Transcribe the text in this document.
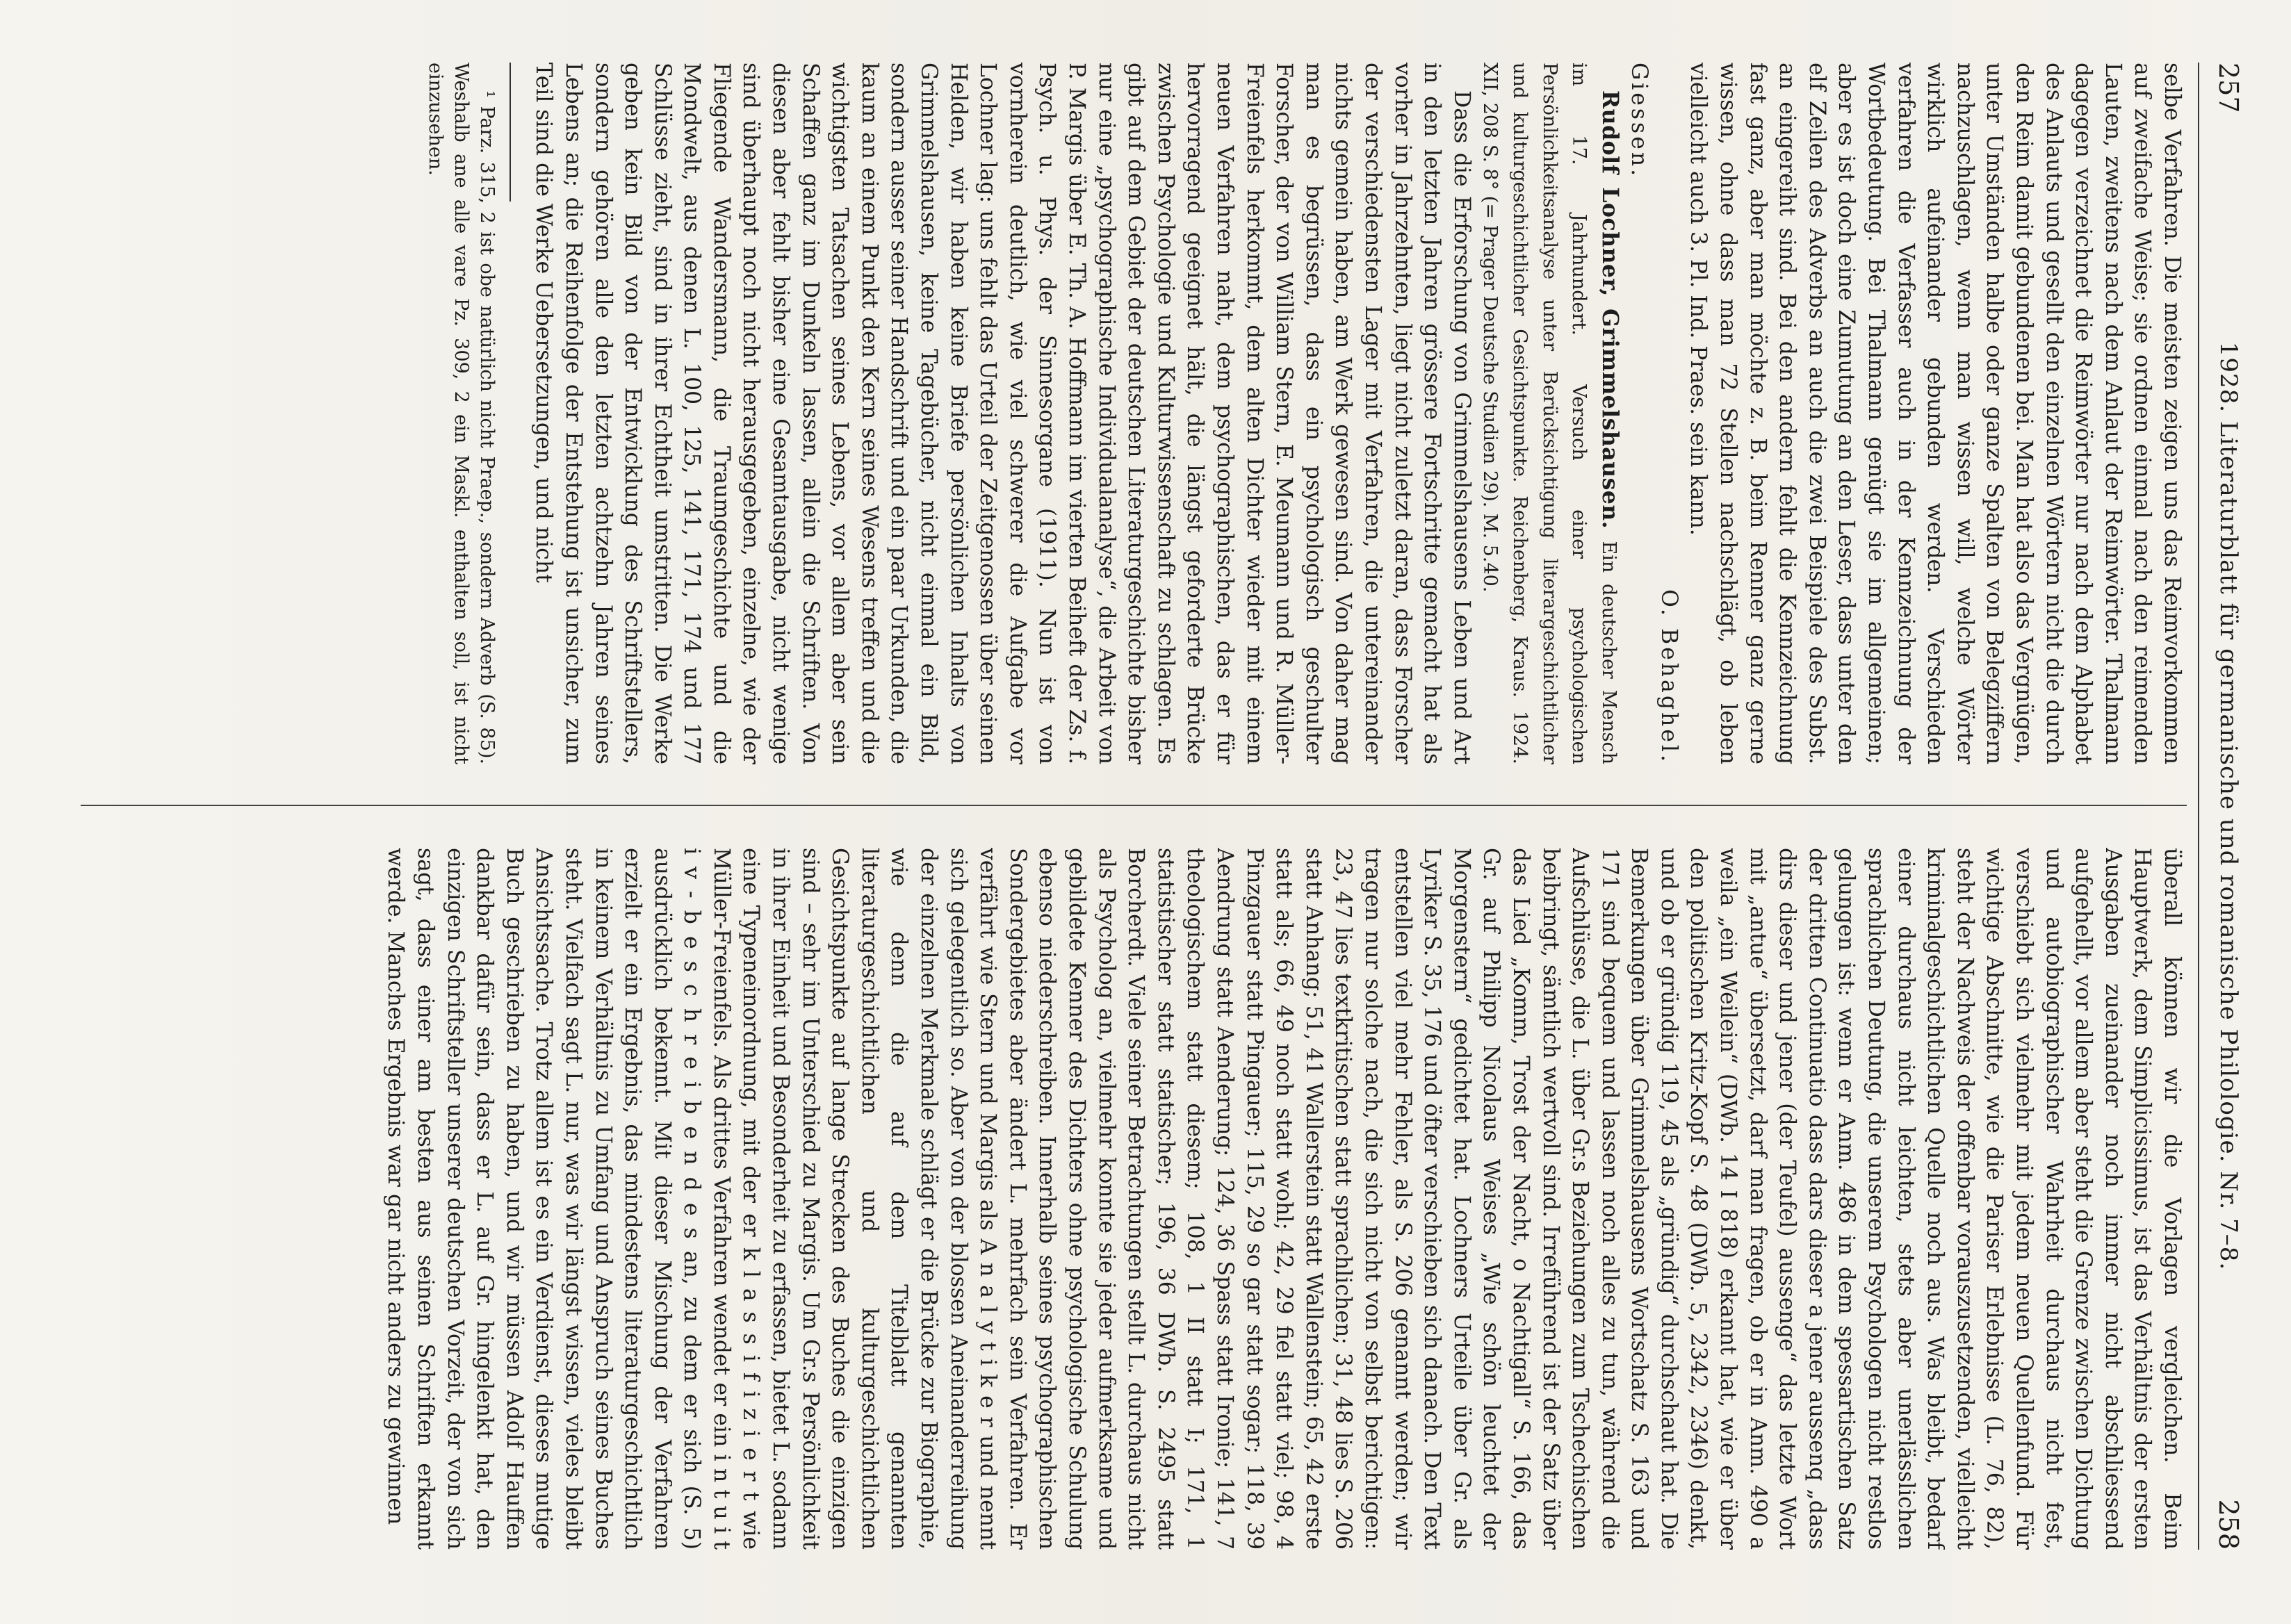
257
1928. Literaturblatt für germanische und romanische Philologie. Nr. 7–8.
258

selbe Verfahren. Die meisten zeigen uns das Reimvorkommen auf zweifache Weise; sie ordnen einmal nach den reimenden Lauten, zweitens nach dem Anlaut der Reimwörter. Thalmann dagegen verzeichnet die Reimwörter nur nach dem Alphabet des Anlauts und gesellt den einzelnen Wörtern nicht die durch den Reim damit gebundenen bei. Man hat also das Vergnügen, unter Umständen halbe oder ganze Spalten von Belegziffern nachzuschlagen, wenn man wissen will, welche Wörter wirklich aufeinander gebunden werden. Verschieden verfahren die Verfasser auch in der Kennzeichnung der Wortbedeutung. Bei Thalmann genügt sie im allgemeinen; aber es ist doch eine Zumutung an den Leser, dass unter den elf Zeilen des Adverbs an auch die zwei Beispiele des Subst. an eingereiht sind. Bei den andern fehlt die Kennzeichnung fast ganz, aber man möchte z. B. beim Renner ganz gerne wissen, ohne dass man 72 Stellen nachschlägt, ob leben vielleicht auch 3. Pl. Ind. Praes. sein kann.

O. Behaghel.

Giessen.

Rudolf Lochner, Grimmelshausen. Ein deutscher Mensch im 17. Jahrhundert. Versuch einer psychologischen Persönlichkeitsanalyse unter Berücksichtigung literargeschichtlicher und kulturgeschichtlicher Gesichtspunkte. Reichenberg, Kraus. 1924. XII, 208 S. 8° (= Prager Deutsche Studien 29). M. 5.40.

Dass die Erforschung von Grimmelshausens Leben und Art in den letzten Jahren grössere Fortschritte gemacht hat als vorher in Jahrzehnten, liegt nicht zuletzt daran, dass Forscher der verschiedensten Lager mit Verfahren, die untereinander nichts gemein haben, am Werk gewesen sind. Von daher mag man es begrüssen, dass ein psychologisch geschulter Forscher, der von William Stern, E. Meumann und R. Müller-Freienfels herkommt, dem alten Dichter wieder mit einem neuen Verfahren naht, dem psychographischen, das er für hervorragend geeignet hält, die längst geforderte Brücke zwischen Psychologie und Kulturwissenschaft zu schlagen. Es gibt auf dem Gebiet der deutschen Literaturgeschichte bisher nur eine „psychographische Individualanalyse“, die Arbeit von P. Margis über E. Th. A. Hoffmann im vierten Beiheft der Zs. f. Psych. u. Phys. der Sinnesorgane (1911). Nun ist von vornherein deutlich, wie viel schwerer die Aufgabe vor Lochner lag: uns fehlt das Urteil der Zeitgenossen über seinen Helden, wir haben keine Briefe persönlichen Inhalts von Grimmelshausen, keine Tagebücher, nicht einmal ein Bild, sondern ausser seiner Handschrift und ein paar Urkunden, die kaum an einem Punkt den Kern seines Wesens treffen und die wichtigsten Tatsachen seines Lebens, vor allem aber sein Schaffen ganz im Dunkeln lassen, allein die Schriften. Von diesen aber fehlt bisher eine Gesamtausgabe, nicht wenige sind überhaupt noch nicht herausgegeben, einzelne, wie der Fliegende Wandersmann, die Traumgeschichte und die Mondwelt, aus denen L. 100, 125, 141, 171, 174 und 177 Schlüsse zieht, sind in ihrer Echtheit umstritten. Die Werke geben kein Bild von der Entwicklung des Schriftstellers, sondern gehören alle den letzten achtzehn Jahren seines Lebens an; die Reihenfolge der Entstehung ist unsicher, zum Teil sind die Werke Uebersetzungen, und nicht

¹ Parz. 315, 2 ist obe natürlich nicht Praep., sondern Adverb (S. 85). Weshalb ane alle vare Pz. 309, 2 ein Maskl. enthalten soll, ist nicht einzusehen.

überall können wir die Vorlagen vergleichen. Beim Hauptwerk, dem Simplicissimus, ist das Verhältnis der ersten Ausgaben zueinander noch immer nicht abschliessend aufgehellt, vor allem aber steht die Grenze zwischen Dichtung und autobiographischer Wahrheit durchaus nicht fest, verschiebt sich vielmehr mit jedem neuen Quellenfund. Für wichtige Abschnitte, wie die Pariser Erlebnisse (L. 76, 82), steht der Nachweis der offenbar vorauszusetzenden, vielleicht kriminalgeschichtlichen Quelle noch aus. Was bleibt, bedarf einer durchaus nicht leichten, stets aber unerlässlichen sprachlichen Deutung, die unserem Psychologen nicht restlos gelungen ist: wenn er Anm. 486 in dem spessartischen Satz der dritten Continuatio dass dars dieser a jener aussenq „dass dirs dieser und jener (der Teufel) aussenge“ das letzte Wort mit „antue“ übersetzt, darf man fragen, ob er in Anm. 490 a weila „ein Weilein“ (DWb. 14 I 818) erkannt hat, wie er über den politischen Kritz-Kopf S. 48 (DWb. 5, 2342, 2346) denkt, und ob er gründig 119, 45 als „gründig“ durchschaut hat. Die Bemerkungen über Grimmelshausens Wortschatz S. 163 und 171 sind bequem und lassen noch alles zu tun, während die Aufschlüsse, die L. über Gr.s Beziehungen zum Tschechischen beibringt, sämtlich wertvoll sind. Irreführend ist der Satz über das Lied „Komm, Trost der Nacht, o Nachtigall“ S. 166, das Gr. auf Philipp Nicolaus Weises „Wie schön leuchtet der Morgenstern“ gedichtet hat. Lochners Urteile über Gr. als Lyriker S. 35, 176 und öfter verschieben sich danach. Den Text entstellen viel mehr Fehler, als S. 206 genannt werden; wir tragen nur solche nach, die sich nicht von selbst berichtigen: 23, 47 lies textkritischen statt sprachlichen; 31, 48 lies S. 206 statt Anhang; 51, 41 Wallerstein statt Wallenstein; 65, 42 erste statt als; 66, 49 noch statt wohl; 42, 29 fiel statt viel; 98, 4 Pinzgauer statt Pingauer; 115, 29 so gar statt sogar; 118, 39 Aendrung statt Aenderung; 124, 36 Spass statt Ironie; 141, 7 theologischem statt diesem; 108, 1 II statt I; 171, 1 statistischer statt statischer; 196, 36 DWb. S. 2495 statt Borcherdt. Viele seiner Betrachtungen stellt L. durchaus nicht als Psycholog an, vielmehr konnte sie jeder aufmerksame und gebildete Kenner des Dichters ohne psychologische Schulung ebenso niederschreiben. Innerhalb seines psychographischen Sondergebietes aber ändert L. mehrfach sein Verfahren. Er verfährt wie Stern und Margis als A n a l y t i k e r und nennt sich gelegentlich so. Aber von der blossen Aneinanderreihung der einzelnen Merkmale schlägt er die Brücke zur Biographie, wie denn die auf dem Titelblatt genannten literaturgeschichtlichen und kulturgeschichtlichen Gesichtspunkte auf lange Strecken des Buches die einzigen sind – sehr im Unterschied zu Margis. Um Gr.s Persönlichkeit in ihrer Einheit und Besonderheit zu erfassen, bietet L. sodann eine Typeneinordnung, mit der er k l a s s i f i z i e r t wie Müller-Freienfels. Als drittes Verfahren wendet er ein i n t u i t i v - b e s c h r e i b e n d e s an, zu dem er sich (S. 5) ausdrücklich bekennt. Mit dieser Mischung der Verfahren erzielt er ein Ergebnis, das mindestens literaturgeschichtlich in keinem Verhältnis zu Umfang und Anspruch seines Buches steht. Vielfach sagt L. nur, was wir längst wissen, vieles bleibt Ansichtssache. Trotz allem ist es ein Verdienst, dieses mutige Buch geschrieben zu haben, und wir müssen Adolf Hauffen dankbar dafür sein, dass er L. auf Gr. hingelenkt hat, den einzigen Schriftsteller unserer deutschen Vorzeit, der von sich sagt, dass einer am besten aus seinen Schriften erkannt werde. Manches Ergebnis war gar nicht anders zu gewinnen
